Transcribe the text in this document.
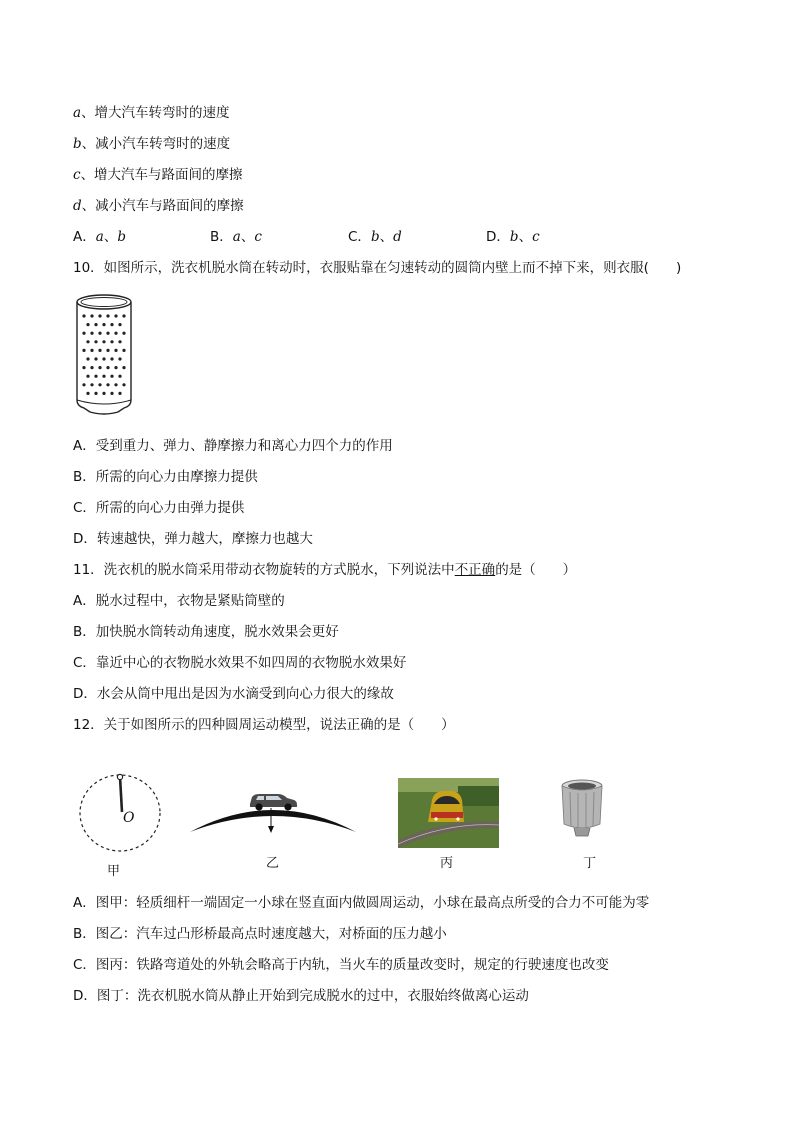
a、增大汽车转弯时的速度
b、减小汽车转弯时的速度
c、增大汽车与路面间的摩擦
d、减小汽车与路面间的摩擦
A．a、b	B．a、c	C．b、d	D．b、c
10．如图所示，洗衣机脱水筒在转动时，衣服贴靠在匀速转动的圆筒内壁上而不掉下来，则衣服(　　)
A．受到重力、弹力、静摩擦力和离心力四个力的作用
B．所需的向心力由摩擦力提供
C．所需的向心力由弹力提供
D．转速越快，弹力越大，摩擦力也越大
11．洗衣机的脱水筒采用带动衣物旋转的方式脱水，下列说法中不正确的是（　　）
A．脱水过程中，衣物是紧贴筒壁的
B．加快脱水筒转动角速度，脱水效果会更好
C．靠近中心的衣物脱水效果不如四周的衣物脱水效果好
D．水会从筒中甩出是因为水滴受到向心力很大的缘故
12．关于如图所示的四种圆周运动模型，说法正确的是（　　）
O
甲
乙	丙	丁
A．图甲：轻质细杆一端固定一小球在竖直面内做圆周运动，小球在最高点所受的合力不可能为零
B．图乙：汽车过凸形桥最高点时速度越大，对桥面的压力越小
C．图丙：铁路弯道处的外轨会略高于内轨，当火车的质量改变时，规定的行驶速度也改变
D．图丁：洗衣机脱水筒从静止开始到完成脱水的过中，衣服始终做离心运动
